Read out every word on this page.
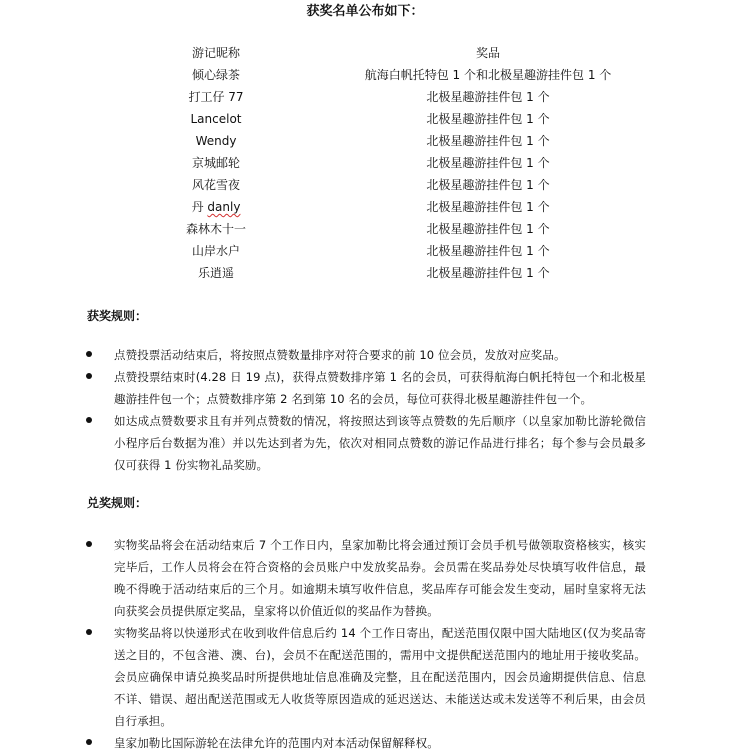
获奖名单公布如下：
游记昵称	奖品
倾心绿茶	航海白帆托特包 1 个和北极星趣游挂件包 1 个
打工仔 77	北极星趣游挂件包 1 个
Lancelot	北极星趣游挂件包 1 个
Wendy	北极星趣游挂件包 1 个
京城邮轮	北极星趣游挂件包 1 个
风花雪夜	北极星趣游挂件包 1 个
丹 danly	北极星趣游挂件包 1 个
森林木十一	北极星趣游挂件包 1 个
山岸水户	北极星趣游挂件包 1 个
乐逍遥	北极星趣游挂件包 1 个
获奖规则：
点赞投票活动结束后，将按照点赞数量排序对符合要求的前 10 位会员，发放对应奖品。
点赞投票结束时(4.28 日 19 点)，获得点赞数排序第 1 名的会员，可获得航海白帆托特包一个和北极星趣游挂件包一个；点赞数排序第 2 名到第 10 名的会员，每位可获得北极星趣游挂件包一个。
如达成点赞数要求且有并列点赞数的情况，将按照达到该等点赞数的先后顺序（以皇家加勒比游轮微信小程序后台数据为准）并以先达到者为先，依次对相同点赞数的游记作品进行排名；每个参与会员最多仅可获得 1 份实物礼品奖励。
兑奖规则：
实物奖品将会在活动结束后 7 个工作日内，皇家加勒比将会通过预订会员手机号做领取资格核实，核实完毕后，工作人员将会在符合资格的会员账户中发放奖品券。会员需在奖品券处尽快填写收件信息，最晚不得晚于活动结束后的三个月。如逾期未填写收件信息，奖品库存可能会发生变动，届时皇家将无法向获奖会员提供原定奖品，皇家将以价值近似的奖品作为替换。
实物奖品将以快递形式在收到收件信息后约 14 个工作日寄出，配送范围仅限中国大陆地区(仅为奖品寄送之目的，不包含港、澳、台)，会员不在配送范围的，需用中文提供配送范围内的地址用于接收奖品。会员应确保申请兑换奖品时所提供地址信息准确及完整，且在配送范围内，因会员逾期提供信息、信息不详、错误、超出配送范围或无人收货等原因造成的延迟送达、未能送达或未发送等不利后果，由会员自行承担。
皇家加勒比国际游轮在法律允许的范围内对本活动保留解释权。
